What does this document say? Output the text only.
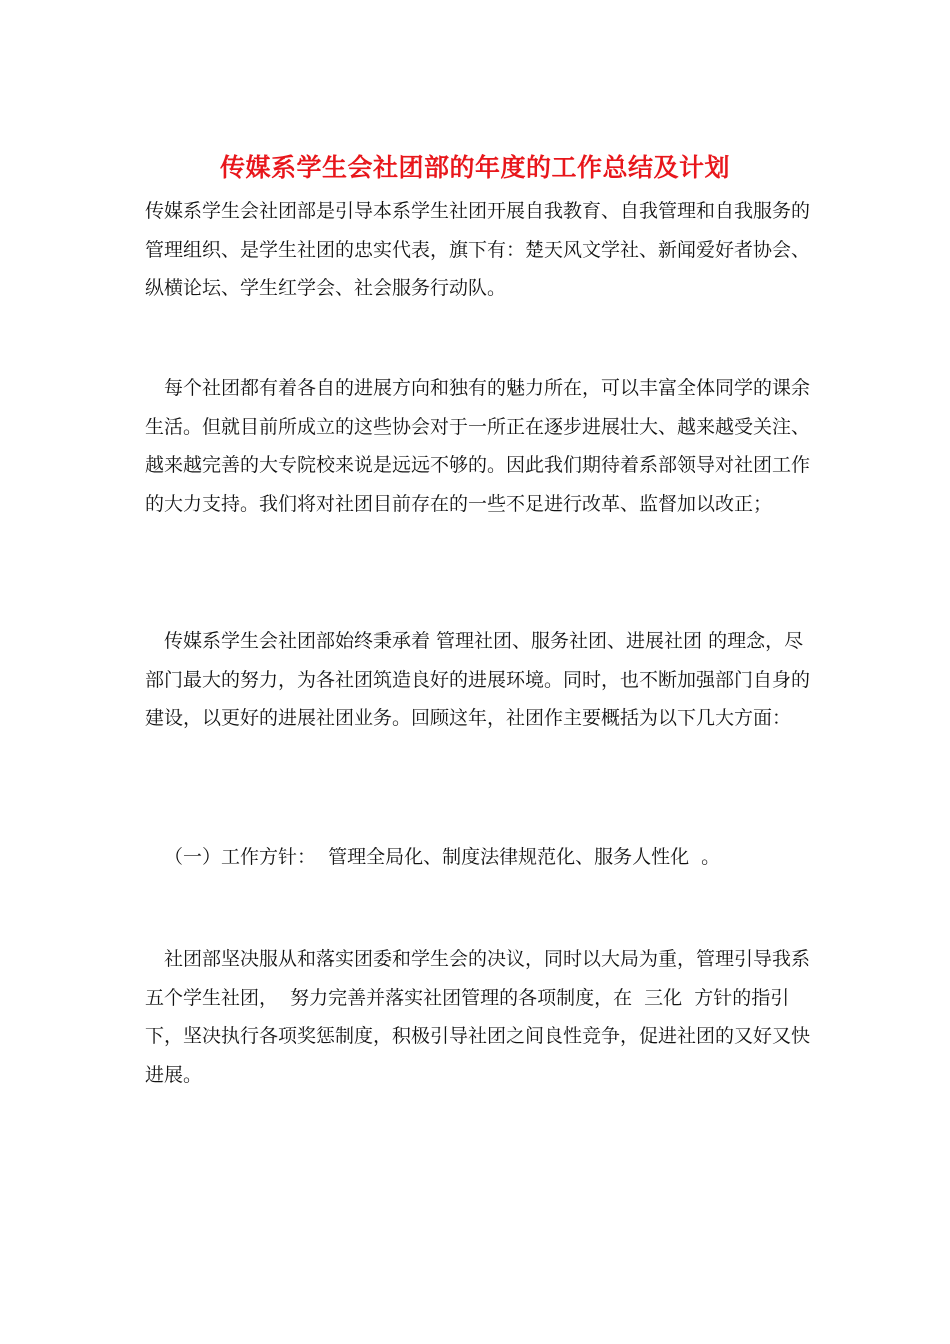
传媒系学生会社团部的年度的工作总结及计划

传媒系学生会社团部是引导本系学生社团开展自我教育、自我管理和自我服务的管理组织、是学生社团的忠实代表，旗下有：楚天风文学社、新闻爱好者协会、纵横论坛、学生红学会、社会服务行动队。

每个社团都有着各自的进展方向和独有的魅力所在，可以丰富全体同学的课余生活。但就目前所成立的这些协会对于一所正在逐步进展壮大、越来越受关注、越来越完善的大专院校来说是远远不够的。因此我们期待着系部领导对社团工作的大力支持。我们将对社团目前存在的一些不足进行改革、监督加以改正；

传媒系学生会社团部始终秉承着 管理社团、服务社团、进展社团 的理念，尽部门最大的努力，为各社团筑造良好的进展环境。同时，也不断加强部门自身的建设，以更好的进展社团业务。回顾这年，社团作主要概括为以下几大方面：

（一）工作方针：  管理全局化、制度法律规范化、服务人性化  。

社团部坚决服从和落实团委和学生会的决议，同时以大局为重，管理引导我系五个学生社团，  努力完善并落实社团管理的各项制度，在  三化  方针的指引下，坚决执行各项奖惩制度，积极引导社团之间良性竞争，促进社团的又好又快进展。
